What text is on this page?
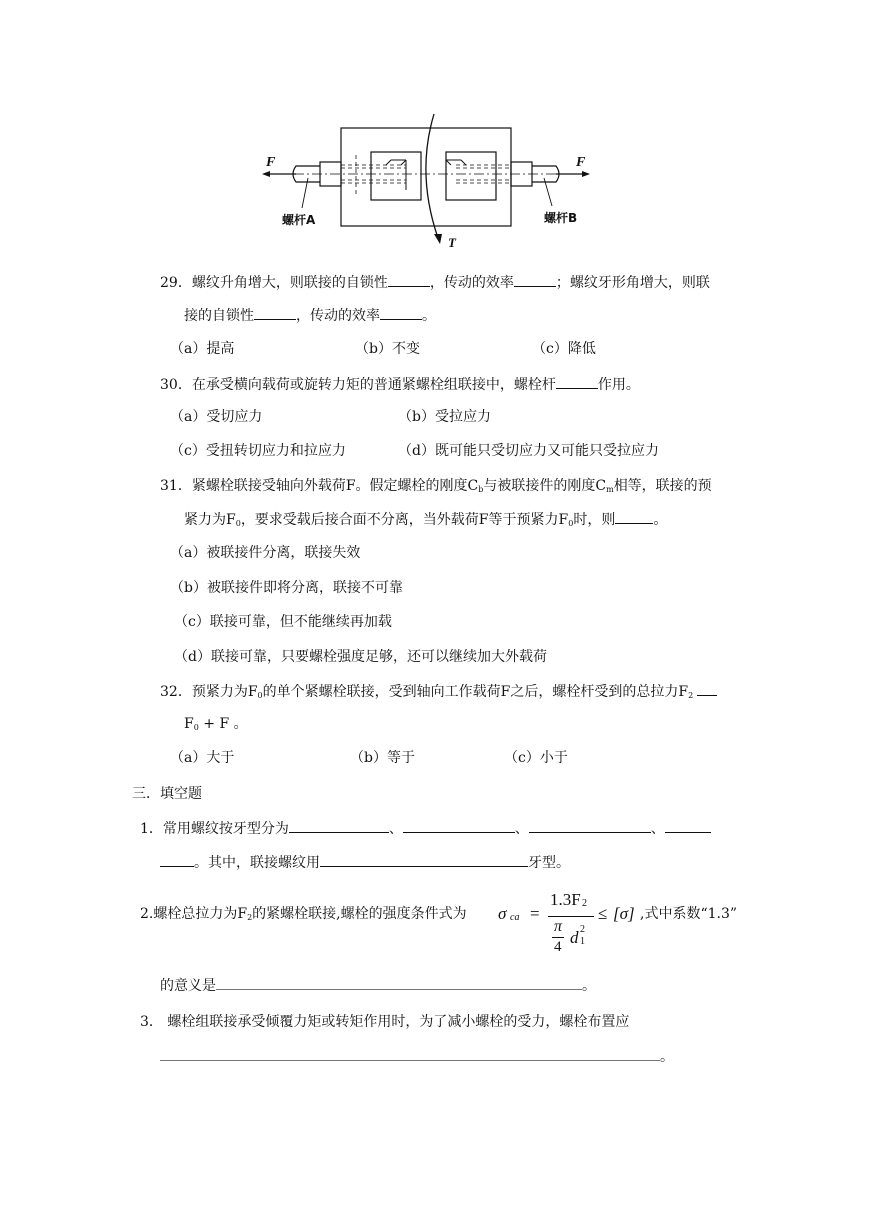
F	F
螺杆A	螺杆B
T
29．螺纹升角增大，则联接的自锁性	，传动的效率	；螺纹牙形角增大，则联
接的自锁性	，传动的效率	。
（a）提高	（b）不变	（c）降低
30．在承受横向载荷或旋转力矩的普通紧螺栓组联接中，螺栓杆	作用。
（a）受切应力	（b）受拉应力
（c）受扭转切应力和拉应力	（d）既可能只受切应力又可能只受拉应力
31．紧螺栓联接受轴向外载荷F。假定螺栓的刚度$C_b$与被联接件的刚度$C_m$相等，联接的预
紧力为$F_0$，要求受载后接合面不分离，当外载荷F等于预紧力$F_0$时，则	。
（a）被联接件分离，联接失效
（b）被联接件即将分离，联接不可靠
（c）联接可靠，但不能继续再加载
（d）联接可靠，只要螺栓强度足够，还可以继续加大外载荷
32．预紧力为$F_0$的单个紧螺栓联接，受到轴向工作载荷F之后，螺栓杆受到的总拉力$F_2$
$F_0 + F$ 。
（a）大于	（b）等于	（c）小于
三．填空题
1．常用螺纹按牙型分为	、	、	、
。其中，联接螺纹用	牙型。
2.螺栓总拉力为$F_2$的紧螺栓联接,螺栓的强度条件式为 σ ca =
1.3F 2
π
4 d 1
2
≤ [σ] ,式中系数“1.3”
的意义是	。
3． 螺栓组联接承受倾覆力矩或转矩作用时，为了减小螺栓的受力，螺栓布置应
。
